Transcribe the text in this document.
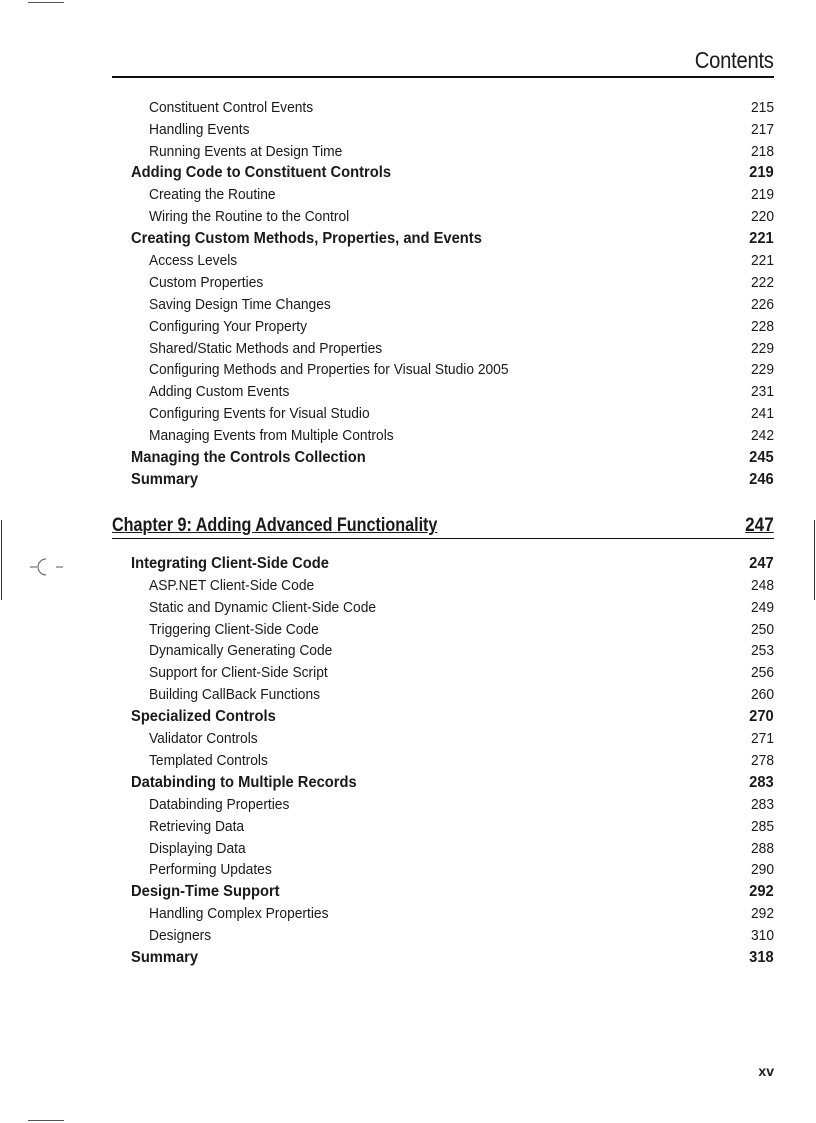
Contents
Constituent Control Events	215
Handling Events	217
Running Events at Design Time	218
Adding Code to Constituent Controls	219
Creating the Routine	219
Wiring the Routine to the Control	220
Creating Custom Methods, Properties, and Events	221
Access Levels	221
Custom Properties	222
Saving Design Time Changes	226
Configuring Your Property	228
Shared/Static Methods and Properties	229
Configuring Methods and Properties for Visual Studio 2005	229
Adding Custom Events	231
Configuring Events for Visual Studio	241
Managing Events from Multiple Controls	242
Managing the Controls Collection	245
Summary	246
Chapter 9: Adding Advanced Functionality	247
Integrating Client-Side Code	247
ASP.NET Client-Side Code	248
Static and Dynamic Client-Side Code	249
Triggering Client-Side Code	250
Dynamically Generating Code	253
Support for Client-Side Script	256
Building CallBack Functions	260
Specialized Controls	270
Validator Controls	271
Templated Controls	278
Databinding to Multiple Records	283
Databinding Properties	283
Retrieving Data	285
Displaying Data	288
Performing Updates	290
Design-Time Support	292
Handling Complex Properties	292
Designers	310
Summary	318
xv
